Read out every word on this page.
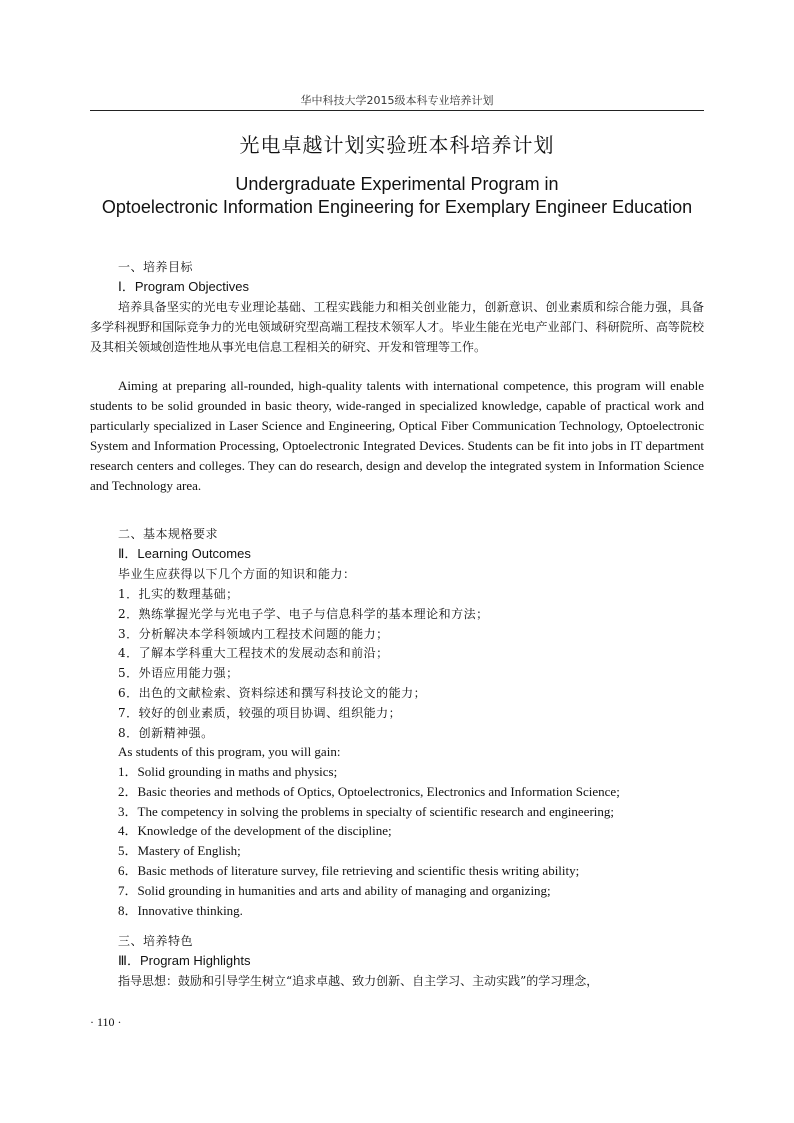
华中科技大学2015级本科专业培养计划
光电卓越计划实验班本科培养计划
Undergraduate Experimental Program in
Optoelectronic Information Engineering for Exemplary Engineer Education
一、培养目标
Ⅰ．Program Objectives
培养具备坚实的光电专业理论基础、工程实践能力和相关创业能力，创新意识、创业素质和综合能力强，具备多学科视野和国际竞争力的光电领域研究型高端工程技术领军人才。毕业生能在光电产业部门、科研院所、高等院校及其相关领域创造性地从事光电信息工程相关的研究、开发和管理等工作。
Aiming at preparing all-rounded, high-quality talents with international competence, this program will enable students to be solid grounded in basic theory, wide-ranged in specialized knowledge, capable of practical work and particularly specialized in Laser Science and Engineering, Optical Fiber Communication Technology, Optoelectronic System and Information Processing, Optoelectronic Integrated Devices. Students can be fit into jobs in IT department research centers and colleges. They can do research, design and develop the integrated system in Information Science and Technology area.
二、基本规格要求
Ⅱ．Learning Outcomes
毕业生应获得以下几个方面的知识和能力：
1．扎实的数理基础；
2．熟练掌握光学与光电子学、电子与信息科学的基本理论和方法；
3．分析解决本学科领域内工程技术问题的能力；
4．了解本学科重大工程技术的发展动态和前沿；
5．外语应用能力强；
6．出色的文献检索、资料综述和撰写科技论文的能力；
7．较好的创业素质，较强的项目协调、组织能力；
8．创新精神强。
As students of this program, you will gain:
1．Solid grounding in maths and physics;
2．Basic theories and methods of Optics, Optoelectronics, Electronics and Information Science;
3．The competency in solving the problems in specialty of scientific research and engineering;
4．Knowledge of the development of the discipline;
5．Mastery of English;
6．Basic methods of literature survey, file retrieving and scientific thesis writing ability;
7．Solid grounding in humanities and arts and ability of managing and organizing;
8．Innovative thinking.
三、培养特色
Ⅲ．Program Highlights
指导思想：鼓励和引导学生树立“追求卓越、致力创新、自主学习、主动实践”的学习理念，
· 110 ·
